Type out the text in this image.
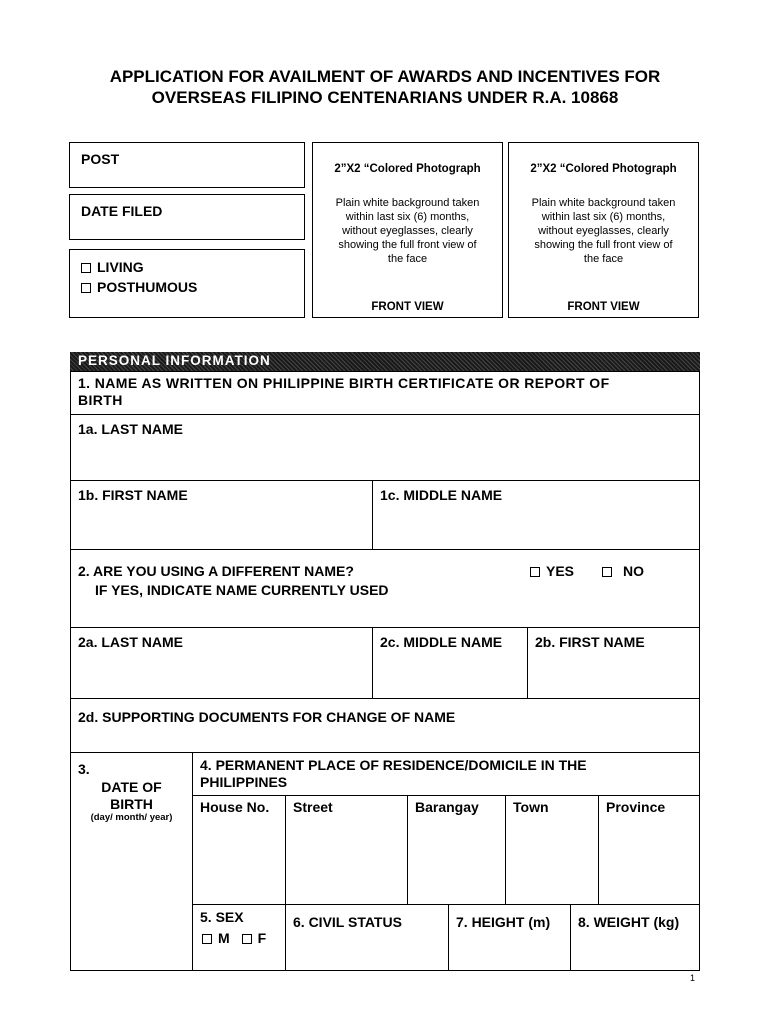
APPLICATION FOR AVAILMENT OF AWARDS AND INCENTIVES FOR
OVERSEAS FILIPINO CENTENARIANS UNDER R.A. 10868
POST
DATE FILED
LIVING
POSTHUMOUS
2”X2 “Colored Photograph
Plain white background taken
within last six (6) months,
without eyeglasses, clearly
showing the full front view of
the face
FRONT VIEW
2”X2 “Colored Photograph
Plain white background taken
within last six (6) months,
without eyeglasses, clearly
showing the full front view of
the face
FRONT VIEW
PERSONAL INFORMATION
1. NAME AS WRITTEN ON PHILIPPINE BIRTH CERTIFICATE OR REPORT OF
BIRTH
1a. LAST NAME
1b. FIRST NAME	1c. MIDDLE NAME
2. ARE YOU USING A DIFFERENT NAME?
IF YES, INDICATE NAME CURRENTLY USED
YES	NO
2a. LAST NAME	2c. MIDDLE NAME 2b. FIRST NAME
2d. SUPPORTING DOCUMENTS FOR CHANGE OF NAME
3.
DATE OF
BIRTH
(day/ month/ year)
4. PERMANENT PLACE OF RESIDENCE/DOMICILE IN THE
PHILIPPINES
House No. Street	Barangay Town	Province
5. SEX
M F
6. CIVIL STATUS	7. HEIGHT (m) 8. WEIGHT (kg)
1
